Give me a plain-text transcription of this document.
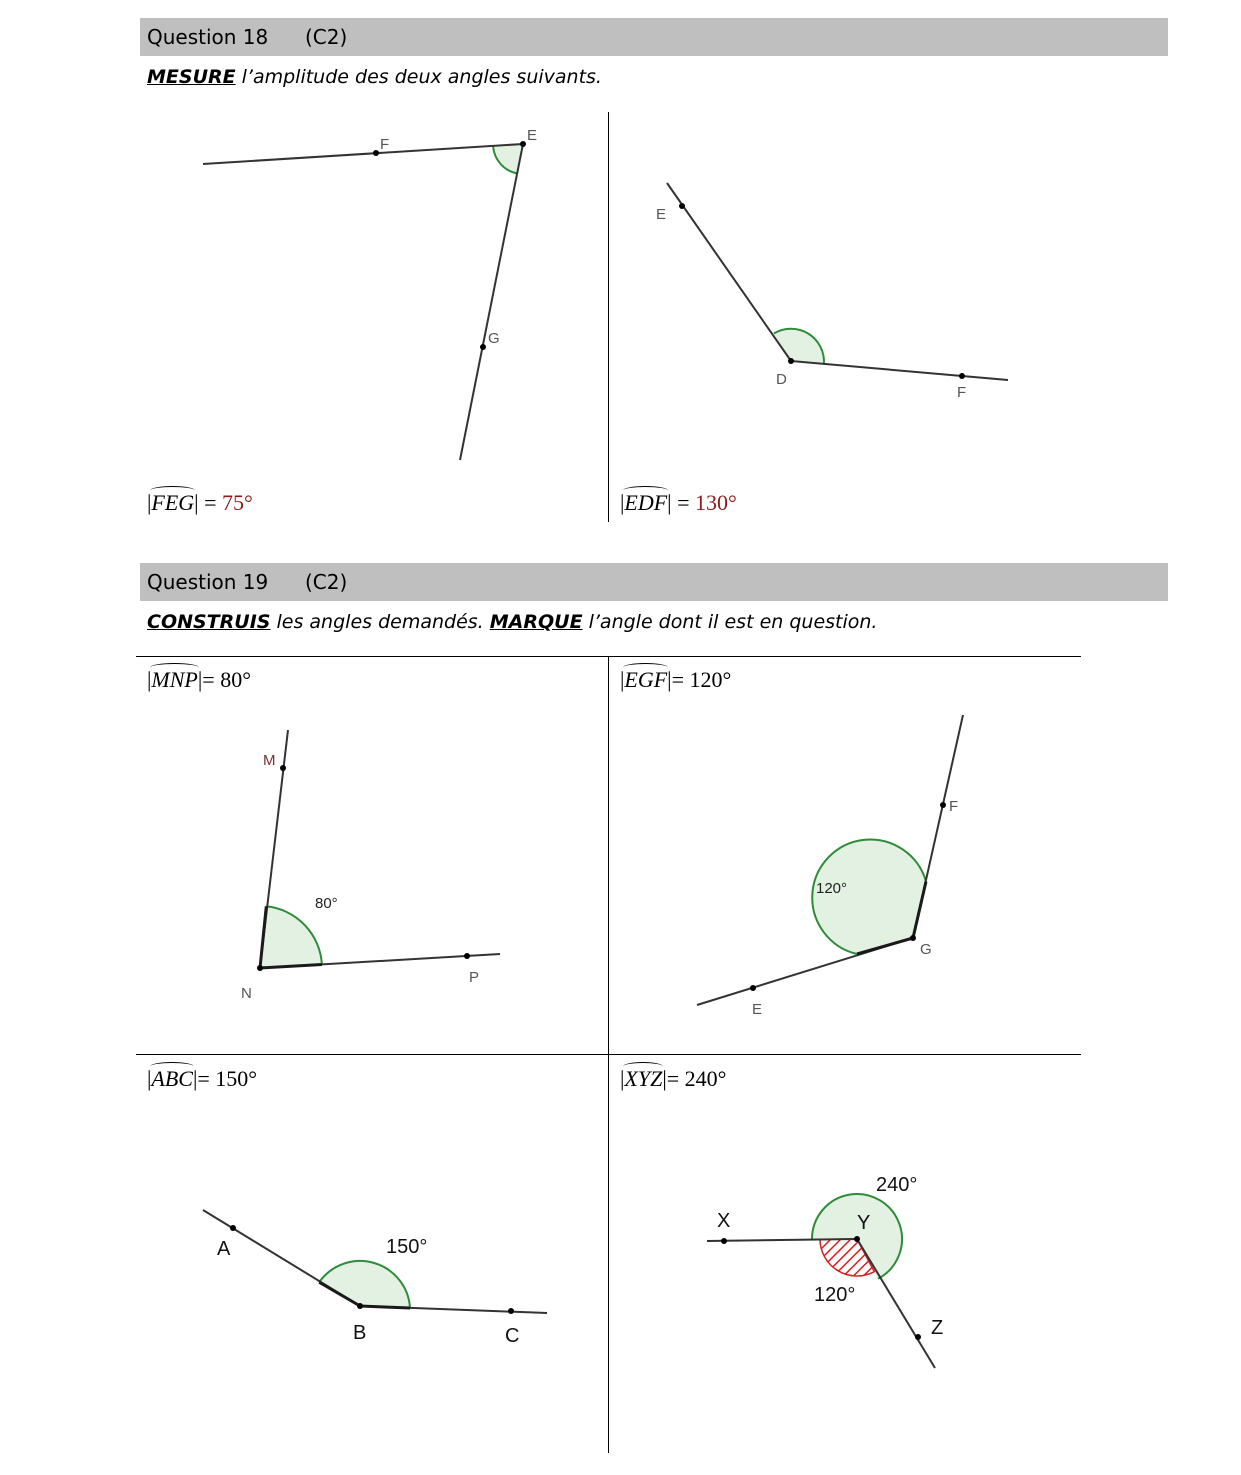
Question 18 (C2)
MESURE l’amplitude des deux angles suivants.
|FEG| = 75°	|EDF| = 130°
Question 19 (C2)
CONSTRUIS les angles demandés. MARQUE l’angle dont il est en question.
|MNP|= 80°	|EGF|= 120°
|ABC|= 150°	|XYZ|= 240°
F
E
G
E
D
F
M
N
P
80°
E
G
F
120°
A
B	C
150°
X	Y
Z
240°
120°
